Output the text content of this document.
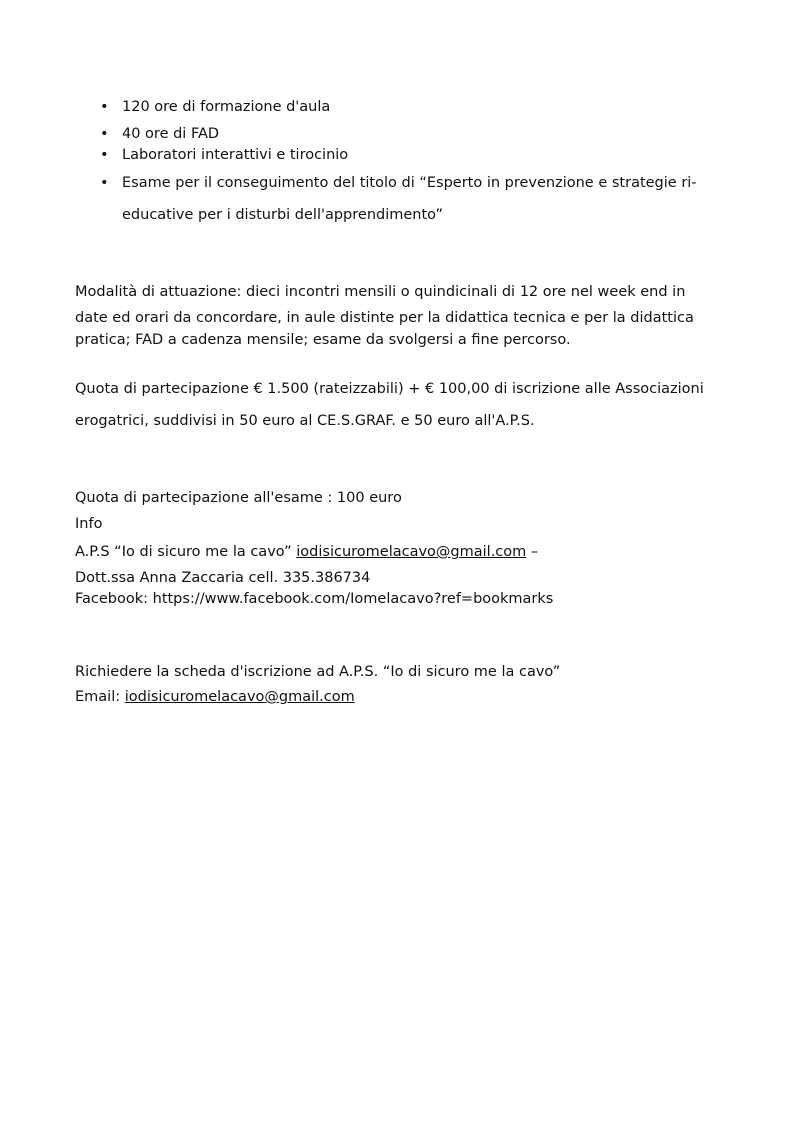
• 120 ore di formazione d'aula
• 40 ore di FAD
• Laboratori interattivi e tirocinio
• Esame per il conseguimento del titolo di “Esperto in prevenzione e strategie ri-
educative per i disturbi dell'apprendimento”
Modalità di attuazione: dieci incontri mensili o quindicinali di 12 ore nel week end in
date ed orari da concordare, in aule distinte per la didattica tecnica e per la didattica
pratica; FAD a cadenza mensile; esame da svolgersi a fine percorso.
Quota di partecipazione € 1.500 (rateizzabili) + € 100,00 di iscrizione alle Associazioni
erogatrici, suddivisi in 50 euro al CE.S.GRAF. e 50 euro all'A.P.S.
Quota di partecipazione all'esame : 100 euro
Info
A.P.S “Io di sicuro me la cavo” iodisicuromelacavo@gmail.com –
Dott.ssa Anna Zaccaria cell. 335.386734
Facebook: https://www.facebook.com/Iomelacavo?ref=bookmarks
Richiedere la scheda d'iscrizione ad A.P.S. “Io di sicuro me la cavo”
Email: iodisicuromelacavo@gmail.com
